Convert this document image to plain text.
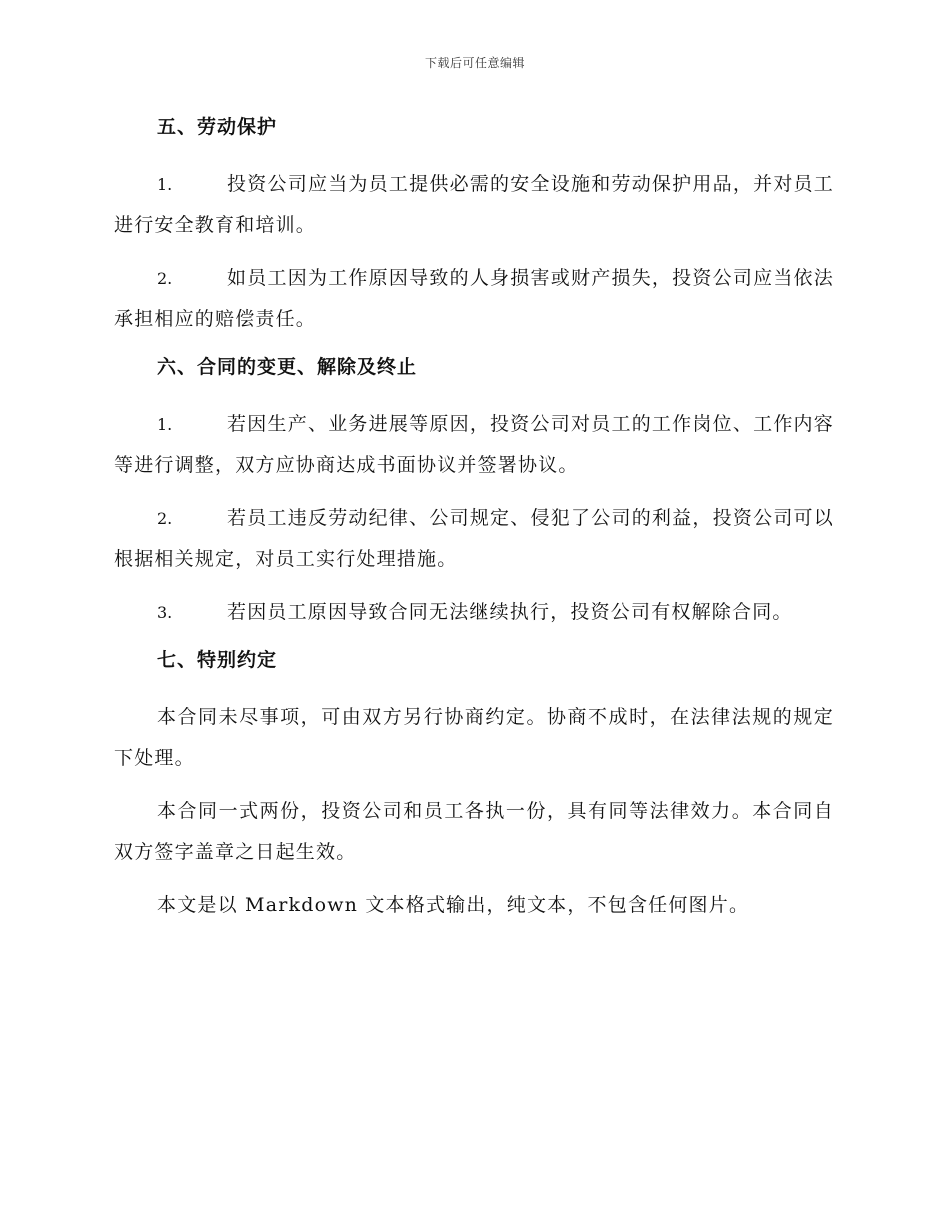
下载后可任意编辑
五、劳动保护

1.	投资公司应当为员工提供必需的安全设施和劳动保护用品，并对员工进行安全教育和培训。

2.	如员工因为工作原因导致的人身损害或财产损失，投资公司应当依法承担相应的赔偿责任。

六、合同的变更、解除及终止

1.	若因生产、业务进展等原因，投资公司对员工的工作岗位、工作内容等进行调整，双方应协商达成书面协议并签署协议。

2.	若员工违反劳动纪律、公司规定、侵犯了公司的利益，投资公司可以根据相关规定，对员工实行处理措施。

3.	若因员工原因导致合同无法继续执行，投资公司有权解除合同。

七、特别约定

本合同未尽事项，可由双方另行协商约定。协商不成时，在法律法规的规定下处理。

本合同一式两份，投资公司和员工各执一份，具有同等法律效力。本合同自双方签字盖章之日起生效。

本文是以 Markdown 文本格式输出，纯文本，不包含任何图片。
